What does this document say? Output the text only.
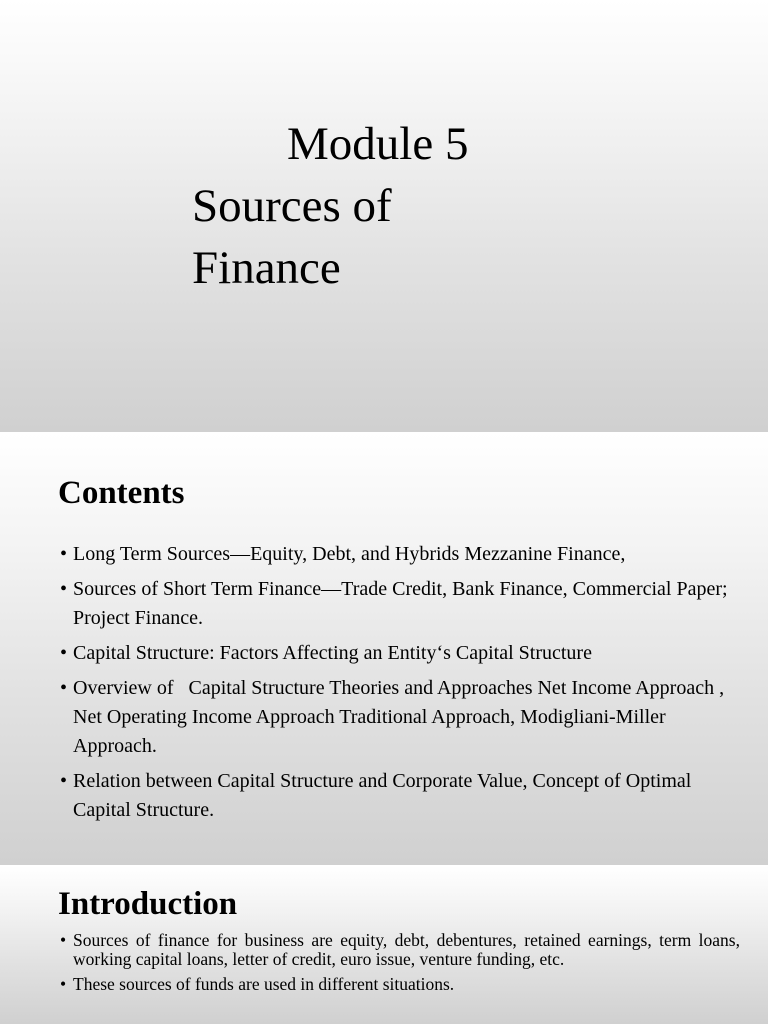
Module 5
Sources of
Finance
Contents
• Long Term Sources—Equity, Debt, and Hybrids Mezzanine Finance,
• Sources of Short Term Finance—Trade Credit, Bank Finance, Commercial Paper; Project Finance.
• Capital Structure: Factors Affecting an Entity‘s Capital Structure
• Overview of   Capital Structure Theories and Approaches Net Income Approach , Net Operating Income Approach Traditional Approach, Modigliani-Miller Approach.
• Relation between Capital Structure and Corporate Value, Concept of Optimal Capital Structure.
Introduction
• Sources of finance for business are equity, debt, debentures, retained earnings, term loans, working capital loans, letter of credit, euro issue, venture funding, etc.
• These sources of funds are used in different situations.
